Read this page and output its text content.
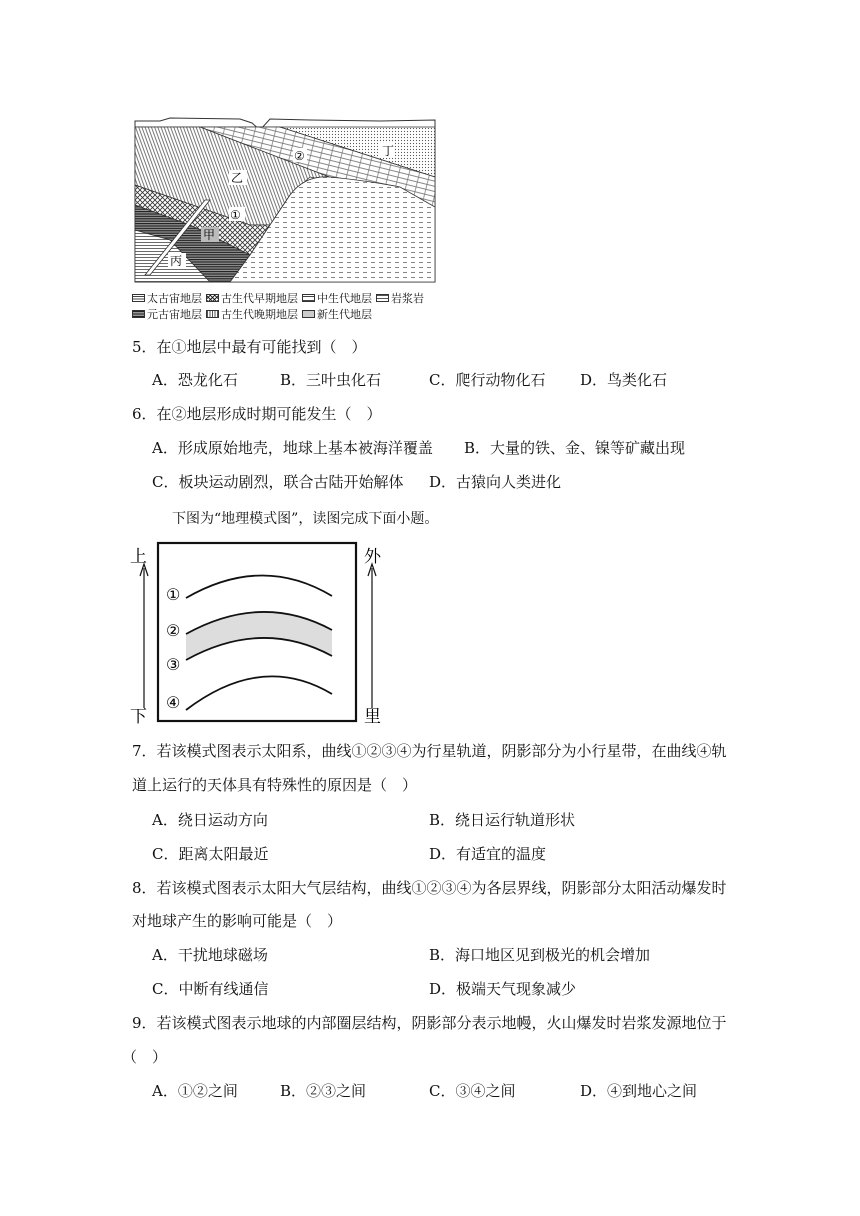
丁
②
乙
①
甲
丙
太古宙地层 古生代早期地层 中生代地层 岩浆岩
元古宙地层 古生代晚期地层 新生代地层
5．在①地层中最有可能找到（　）
A．恐龙化石	B．三叶虫化石	C．爬行动物化石 D．鸟类化石
6．在②地层形成时期可能发生（　）
A．形成原始地壳，地球上基本被海洋覆盖 B．大量的铁、金、镍等矿藏出现
C．板块运动剧烈，联合古陆开始解体 D．古猿向人类进化
下图为“地理模式图”，读图完成下面小题。
上
下
外
里
①
②
③
④
7．若该模式图表示太阳系，曲线①②③④为行星轨道，阴影部分为小行星带，在曲线④轨
道上运行的天体具有特殊性的原因是（　）
A．绕日运动方向	B．绕日运行轨道形状
C．距离太阳最近	D．有适宜的温度
8．若该模式图表示太阳大气层结构，曲线①②③④为各层界线，阴影部分太阳活动爆发时
对地球产生的影响可能是（　）
A．干扰地球磁场	B．海口地区见到极光的机会增加
C．中断有线通信	D．极端天气现象减少
9．若该模式图表示地球的内部圈层结构，阴影部分表示地幔，火山爆发时岩浆发源地位于
（　）
A．①②之间	B．②③之间	C．③④之间	D．④到地心之间
